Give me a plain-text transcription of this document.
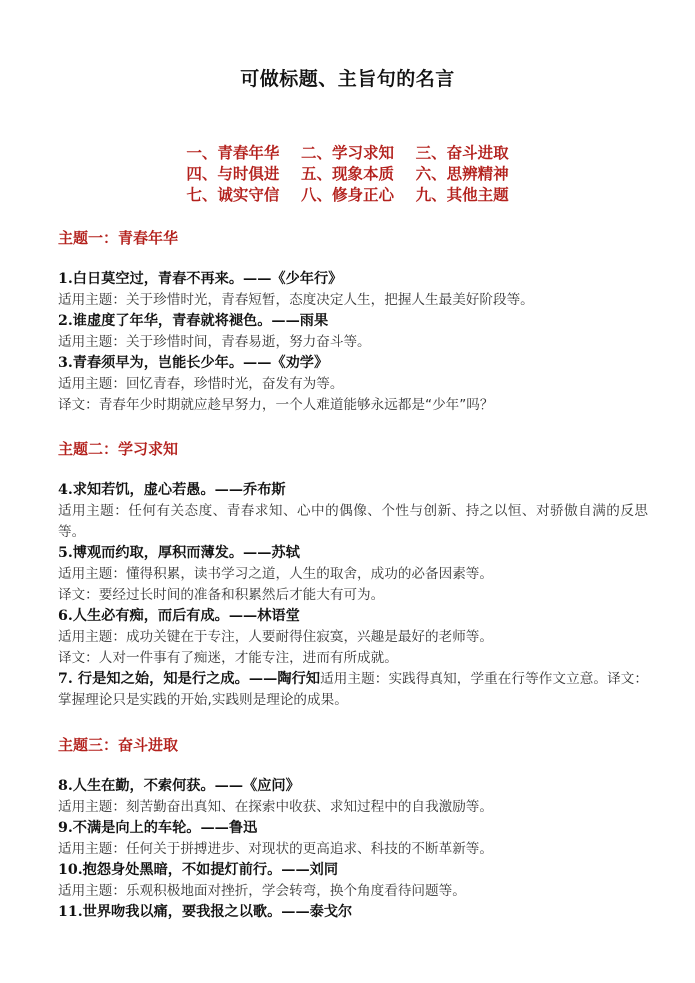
可做标题、主旨句的名言
一、青春年华    二、学习求知    三、奋斗进取
四、与时俱进    五、现象本质    六、思辨精神
七、诚实守信    八、修身正心    九、其他主题

主题一：青春年华

1.白日莫空过，青春不再来。——《少年行》
适用主题：关于珍惜时光，青春短暂，态度决定人生，把握人生最美好阶段等。
2.谁虚度了年华，青春就将褪色。——雨果
适用主题：关于珍惜时间，青春易逝，努力奋斗等。
3.青春须早为，岂能长少年。——《劝学》
适用主题：回忆青春，珍惜时光，奋发有为等。
译文：青春年少时期就应趁早努力，一个人难道能够永远都是“少年”吗？

主题二：学习求知

4.求知若饥，虚心若愚。——乔布斯
适用主题：任何有关态度、青春求知、心中的偶像、个性与创新、持之以恒、对骄傲自满的反思等。
5.博观而约取，厚积而薄发。——苏轼
适用主题：懂得积累，读书学习之道，人生的取舍，成功的必备因素等。
译文：要经过长时间的准备和积累然后才能大有可为。
6.人生必有痴，而后有成。——林语堂
适用主题：成功关键在于专注，人要耐得住寂寞，兴趣是最好的老师等。
译文：人对一件事有了痴迷，才能专注，进而有所成就。
7. 行是知之始，知是行之成。——陶行知适用主题：实践得真知，学重在行等作文立意。译文：掌握理论只是实践的开始,实践则是理论的成果。

主题三：奋斗进取

8.人生在勤，不索何获。——《应问》
适用主题：刻苦勤奋出真知、在探索中收获、求知过程中的自我激励等。
9.不满是向上的车轮。——鲁迅
适用主题：任何关于拼搏进步、对现状的更高追求、科技的不断革新等。
10.抱怨身处黑暗，不如提灯前行。——刘同
适用主题：乐观积极地面对挫折，学会转弯，换个角度看待问题等。
11.世界吻我以痛，要我报之以歌。——泰戈尔
